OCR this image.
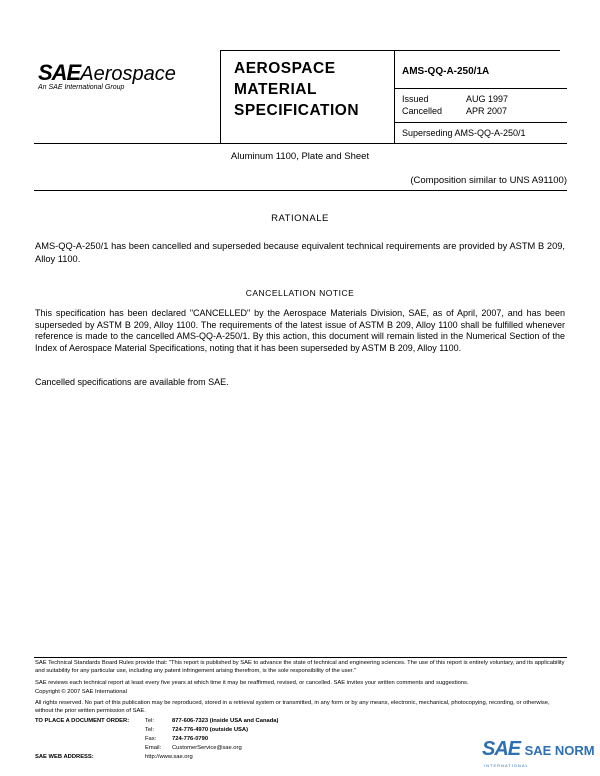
SAEAerospace
An SAE International Group
AEROSPACE
MATERIAL
SPECIFICATION
AMS-QQ-A-250/1A
Issued	AUG 1997
Cancelled	APR 2007
Superseding AMS-QQ-A-250/1
Aluminum 1100, Plate and Sheet
(Composition similar to UNS A91100)
RATIONALE
AMS-QQ-A-250/1 has been cancelled and superseded because equivalent technical requirements are provided by ASTM B 209, Alloy 1100.
CANCELLATION NOTICE
This specification has been declared "CANCELLED" by the Aerospace Materials Division, SAE, as of April, 2007, and has been superseded by ASTM B 209, Alloy 1100. The requirements of the latest issue of ASTM B 209, Alloy 1100 shall be fulfilled whenever reference is made to the cancelled AMS-QQ-A-250/1. By this action, this document will remain listed in the Numerical Section of the Index of Aerospace Material Specifications, noting that it has been superseded by ASTM B 209, Alloy 1100.
Cancelled specifications are available from SAE.
SAE Technical Standards Board Rules provide that: "This report is published by SAE to advance the state of technical and engineering sciences. The use of this report is entirely voluntary, and its applicability and suitability for any particular use, including any patent infringement arising therefrom, is the sole responsibility of the user."
SAE reviews each technical report at least every five years at which time it may be reaffirmed, revised, or cancelled. SAE invites your written comments and suggestions.
Copyright © 2007 SAE International
All rights reserved. No part of this publication may be reproduced, stored in a retrieval system or transmitted, in any form or by any means, electronic, mechanical, photocopying, recording, or otherwise, without the prior written permission of SAE.
TO PLACE A DOCUMENT ORDER:	Tel:	877-606-7323 (inside USA and Canada)
Tel:	724-776-4970 (outside USA)
Fax:	724-776-0790
Email: CustomerService@sae.org
SAE WEB ADDRESS:	http://www.sae.org	SAE SAE NORM
INTERNATIONAL
